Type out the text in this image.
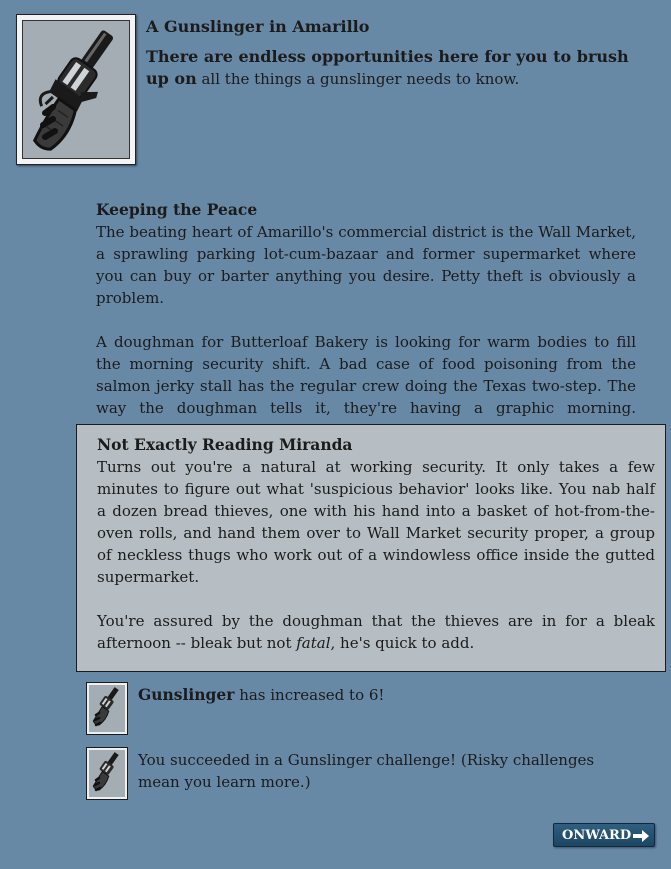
A Gunslinger in Amarillo

There are endless opportunities here for you to brush up on all the things a gunslinger needs to know.

Keeping the Peace

The beating heart of Amarillo's commercial district is the Wall Market, a sprawling parking lot-cum-bazaar and former supermarket where you can buy or barter anything you desire. Petty theft is obviously a problem.

A doughman for Butterloaf Bakery is looking for warm bodies to fill the morning security shift. A bad case of food poisoning from the salmon jerky stall has the regular crew doing the Texas two-step. The way the doughman tells it, they're having a graphic morning.

Not Exactly Reading Miranda

Turns out you're a natural at working security. It only takes a few minutes to figure out what 'suspicious behavior' looks like. You nab half a dozen bread thieves, one with his hand into a basket of hot-from-the-oven rolls, and hand them over to Wall Market security proper, a group of neckless thugs who work out of a windowless office inside the gutted supermarket.

You're assured by the doughman that the thieves are in for a bleak afternoon -- bleak but not fatal, he's quick to add.

Gunslinger has increased to 6!
You succeeded in a Gunslinger challenge! (Risky challenges mean you learn more.)
ONWARD
